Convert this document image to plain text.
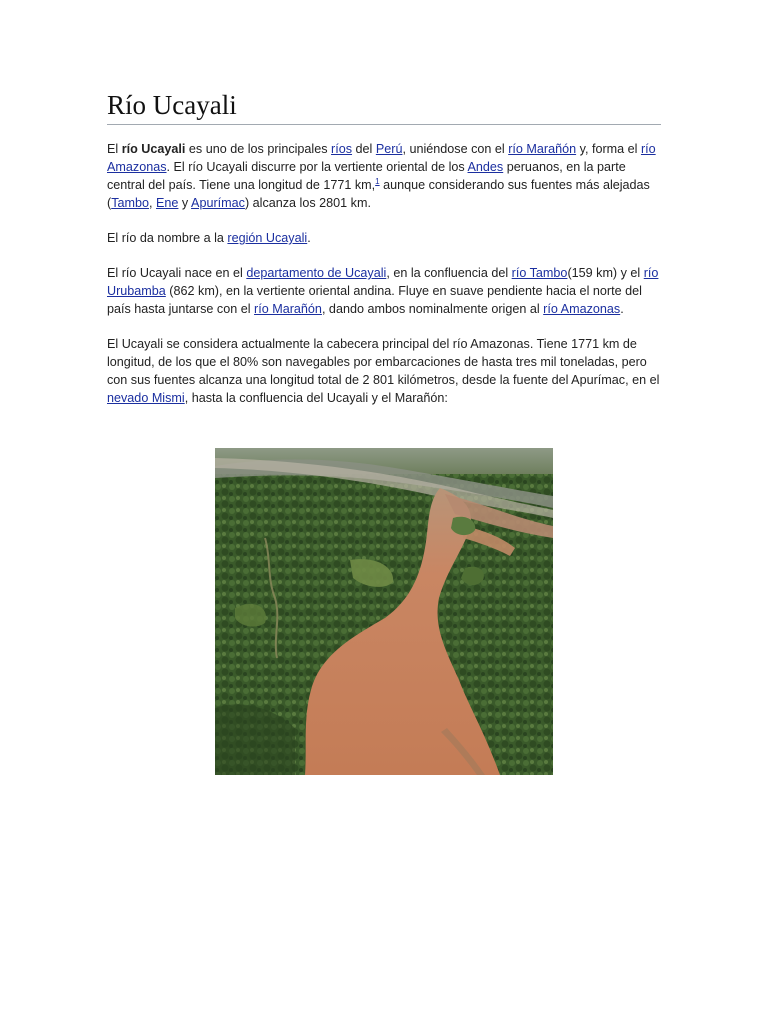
Río Ucayali

El río Ucayali es uno de los principales ríos del Perú, uniéndose con el río Marañón y, forma el río Amazonas. El río Ucayali discurre por la vertiente oriental de los Andes peruanos, en la parte central del país. Tiene una longitud de 1771 km,$^1$ aunque considerando sus fuentes más alejadas (Tambo, Ene y Apurímac) alcanza los 2801 km.

El río da nombre a la región Ucayali.

El río Ucayali nace en el departamento de Ucayali, en la confluencia del río Tambo(159 km) y el río Urubamba (862 km), en la vertiente oriental andina. Fluye en suave pendiente hacia el norte del país hasta juntarse con el río Marañón, dando ambos nominalmente origen al río Amazonas.

El Ucayali se considera actualmente la cabecera principal del río Amazonas. Tiene 1771 km de longitud, de los que el 80% son navegables por embarcaciones de hasta tres mil toneladas, pero con sus fuentes alcanza una longitud total de 2 801 kilómetros, desde la fuente del Apurímac, en el nevado Mismi, hasta la confluencia del Ucayali y el Marañón:
